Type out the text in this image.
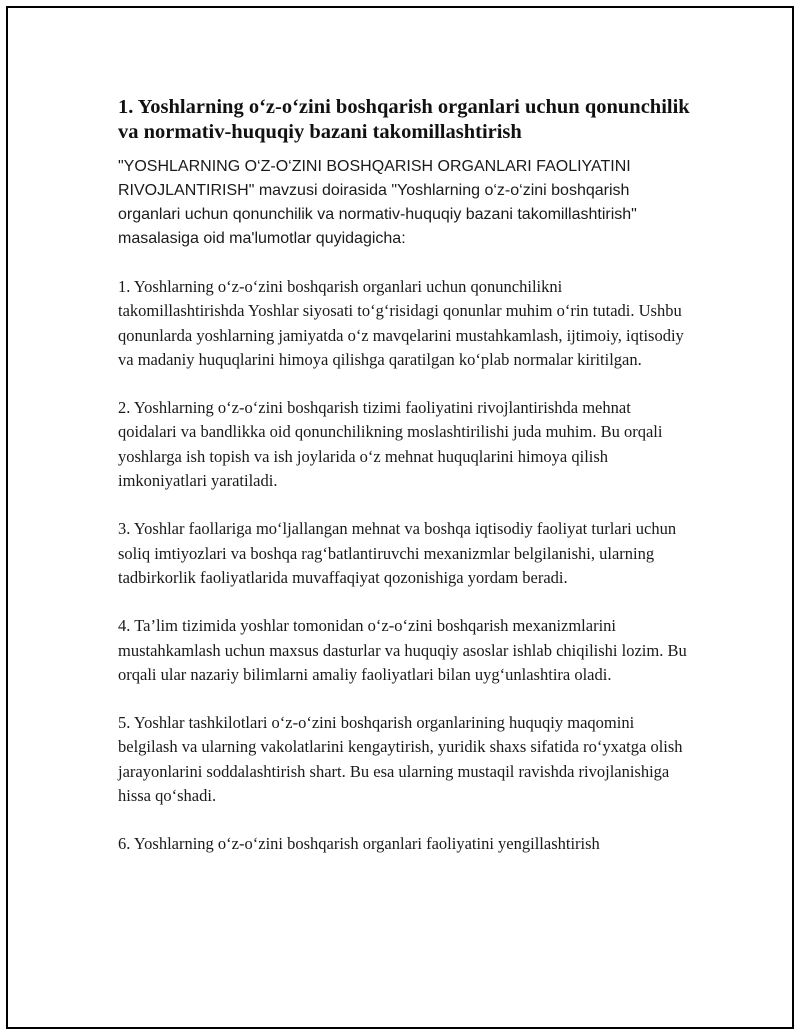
1. Yoshlarning o‘z-o‘zini boshqarish organlari uchun qonunchilik va normativ-huquqiy bazani takomillashtirish

"YOSHLARNING O‘Z-O‘ZINI BOSHQARISH ORGANLARI FAOLIYATINI RIVOJLANTIRISH" mavzusi doirasida "Yoshlarning o‘z-o‘zini boshqarish organlari uchun qonunchilik va normativ-huquqiy bazani takomillashtirish" masalasiga oid ma'lumotlar quyidagicha:

1. Yoshlarning o‘z-o‘zini boshqarish organlari uchun qonunchilikni takomillashtirishda Yoshlar siyosati to‘g‘risidagi qonunlar muhim o‘rin tutadi. Ushbu qonunlarda yoshlarning jamiyatda o‘z mavqelarini mustahkamlash, ijtimoiy, iqtisodiy va madaniy huquqlarini himoya qilishga qaratilgan ko‘plab normalar kiritilgan.

2. Yoshlarning o‘z-o‘zini boshqarish tizimi faoliyatini rivojlantirishda mehnat qoidalari va bandlikka oid qonunchilikning moslashtirilishi juda muhim. Bu orqali yoshlarga ish topish va ish joylarida o‘z mehnat huquqlarini himoya qilish imkoniyatlari yaratiladi.

3. Yoshlar faollariga mo‘ljallangan mehnat va boshqa iqtisodiy faoliyat turlari uchun soliq imtiyozlari va boshqa rag‘batlantiruvchi mexanizmlar belgilanishi, ularning tadbirkorlik faoliyatlarida muvaffaqiyat qozonishiga yordam beradi.

4. Ta’lim tizimida yoshlar tomonidan o‘z-o‘zini boshqarish mexanizmlarini mustahkamlash uchun maxsus dasturlar va huquqiy asoslar ishlab chiqilishi lozim. Bu orqali ular nazariy bilimlarni amaliy faoliyatlari bilan uyg‘unlashtira oladi.

5. Yoshlar tashkilotlari o‘z-o‘zini boshqarish organlarining huquqiy maqomini belgilash va ularning vakolatlarini kengaytirish, yuridik shaxs sifatida ro‘yxatga olish jarayonlarini soddalashtirish shart. Bu esa ularning mustaqil ravishda rivojlanishiga hissa qo‘shadi.

6. Yoshlarning o‘z-o‘zini boshqarish organlari faoliyatini yengillashtirish
